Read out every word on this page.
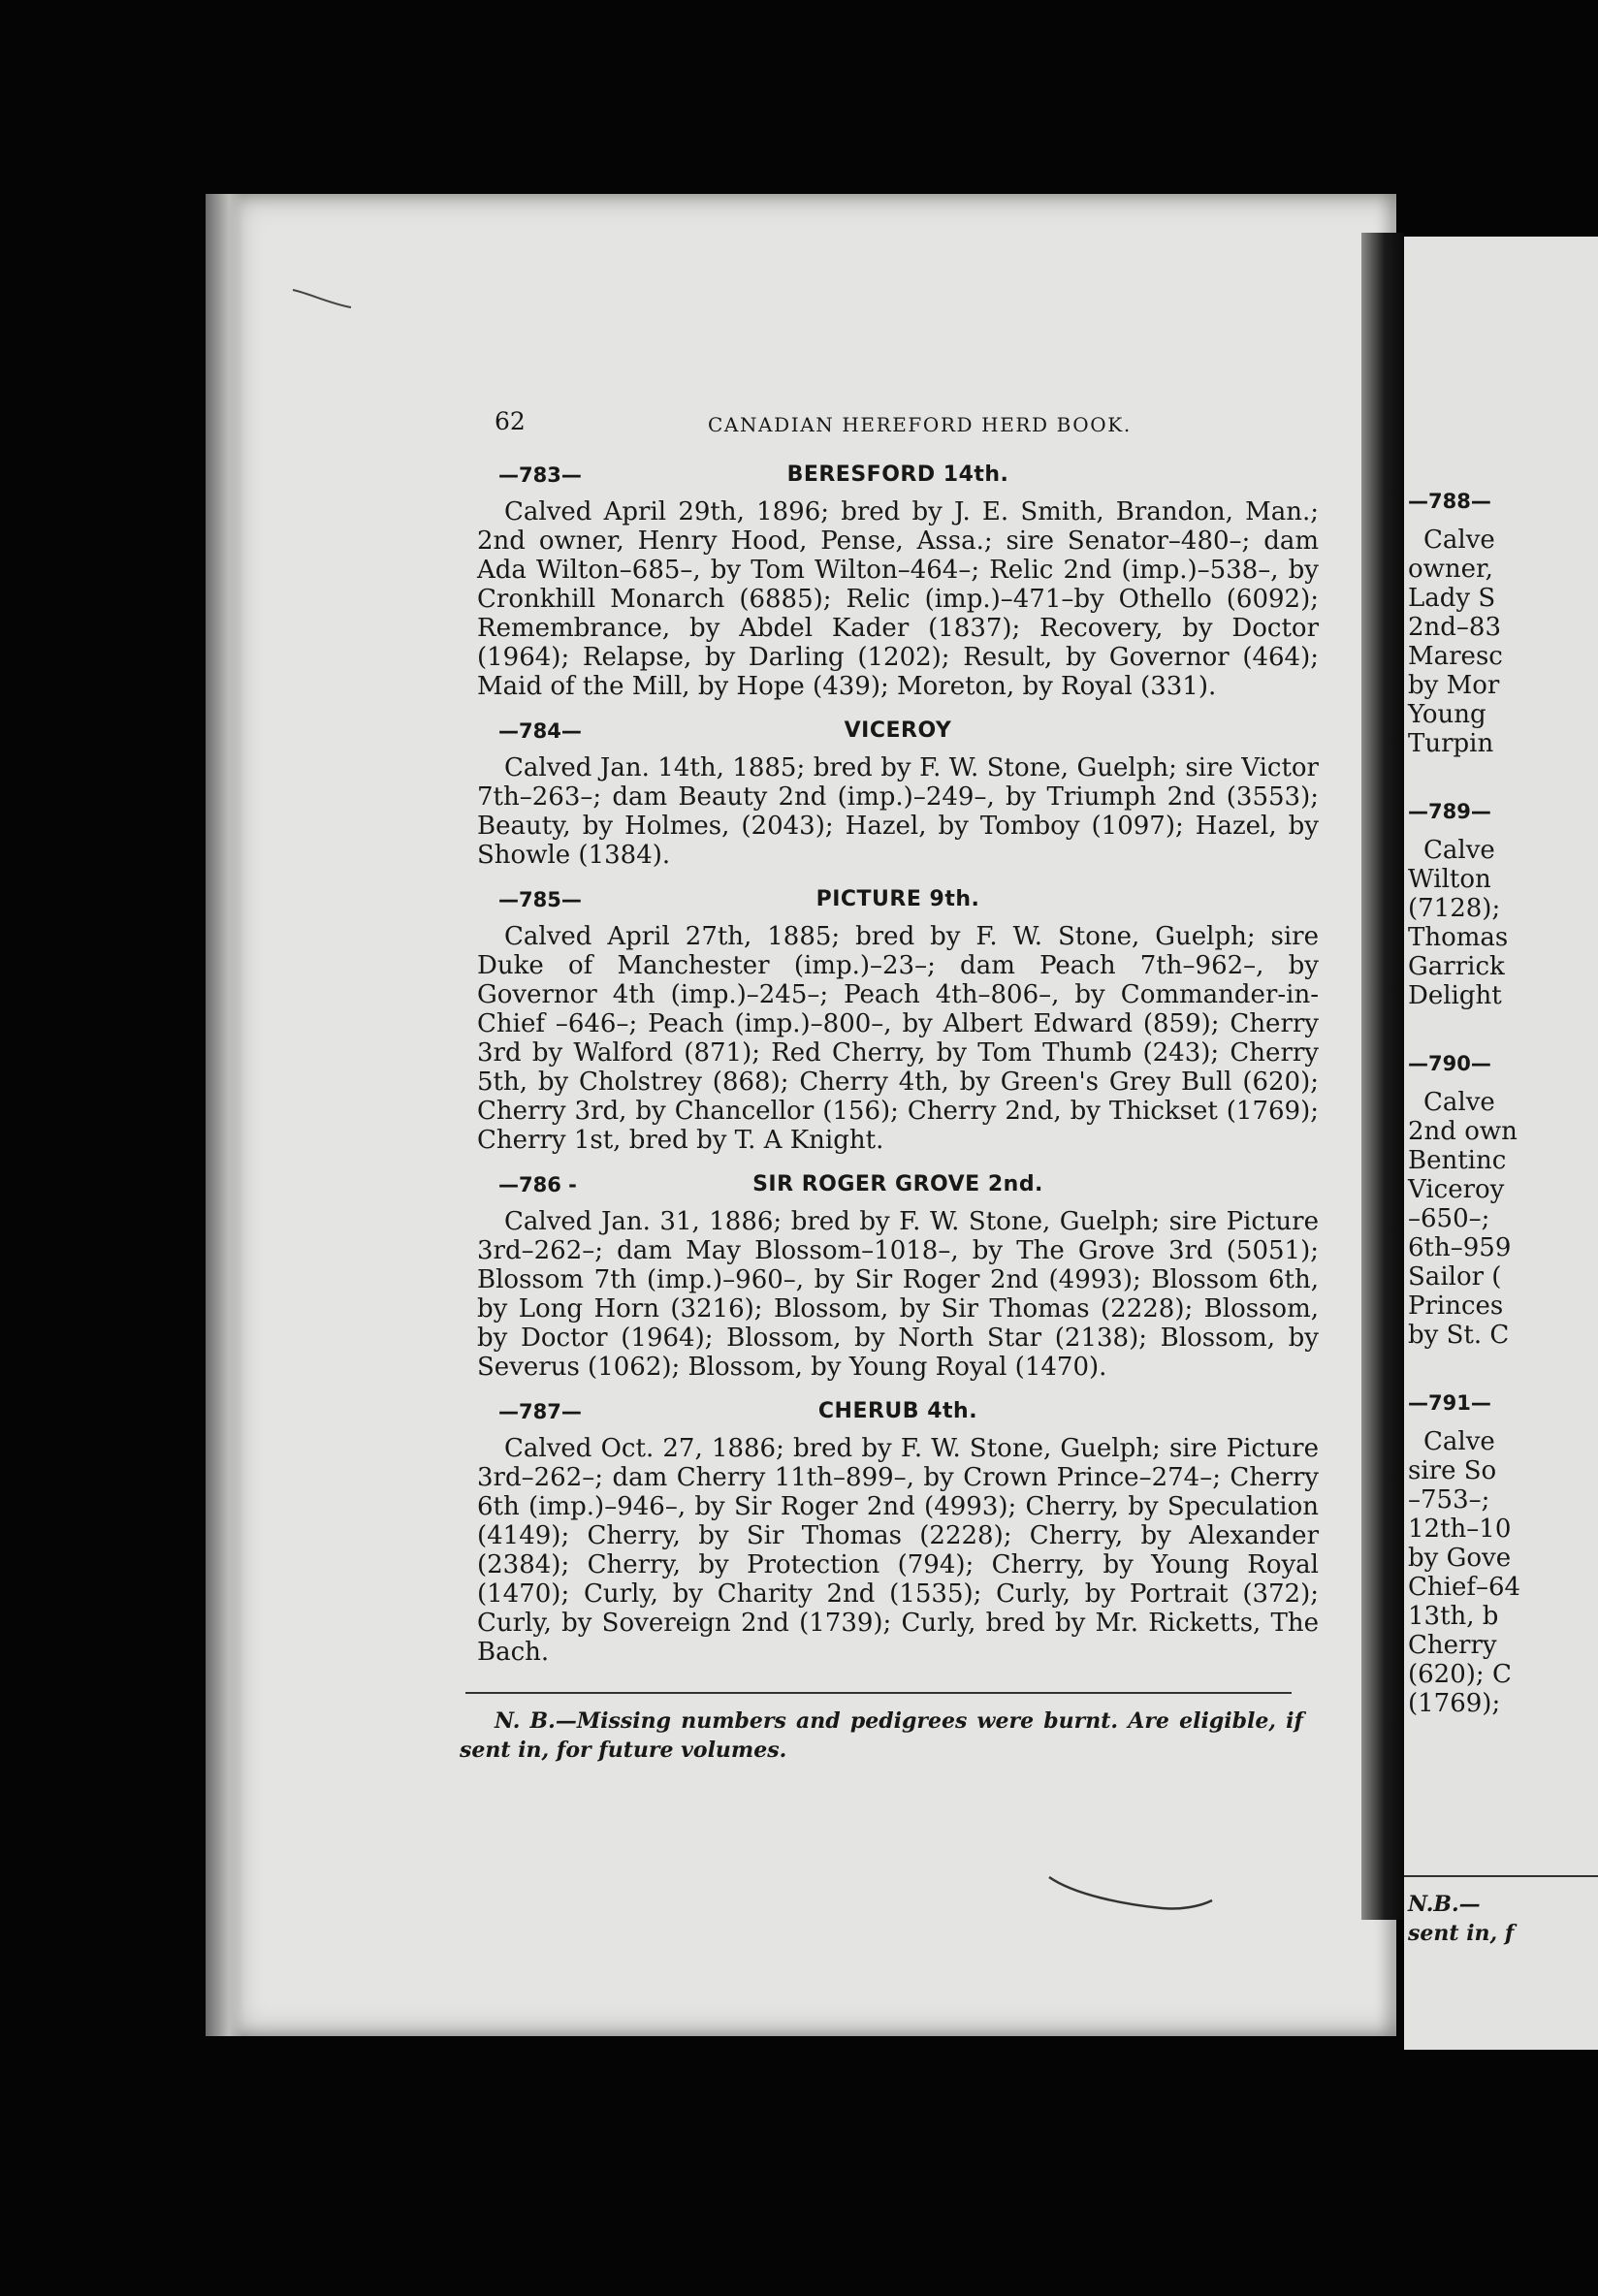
62	CANADIAN HEREFORD HERD BOOK.
—783—	BERESFORD 14th.

Calved April 29th, 1896; bred by J. E. Smith, Brandon, Man.; 2nd owner, Henry Hood, Pense, Assa.; sire Senator–480–; dam Ada Wilton–685–, by Tom Wilton–464–; Relic 2nd (imp.)–538–, by Cronkhill Monarch (6885); Relic (imp.)–471–by Othello (6092); Remembrance, by Abdel Kader (1837); Recovery, by Doctor (1964); Relapse, by Darling (1202); Result, by Governor (464); Maid of the Mill, by Hope (439); Moreton, by Royal (331).

—784—	VICEROY

Calved Jan. 14th, 1885; bred by F. W. Stone, Guelph; sire Victor 7th–263–; dam Beauty 2nd (imp.)–249–, by Triumph 2nd (3553); Beauty, by Holmes, (2043); Hazel, by Tomboy (1097); Hazel, by Showle (1384).

—785—	PICTURE 9th.

Calved April 27th, 1885; bred by F. W. Stone, Guelph; sire Duke of Manchester (imp.)–23–; dam Peach 7th–962–, by Governor 4th (imp.)–245–; Peach 4th–806–, by Commander-in-Chief –646–; Peach (imp.)–800–, by Albert Edward (859); Cherry 3rd by Walford (871); Red Cherry, by Tom Thumb (243); Cherry 5th, by Cholstrey (868); Cherry 4th, by Green's Grey Bull (620); Cherry 3rd, by Chancellor (156); Cherry 2nd, by Thickset (1769); Cherry 1st, bred by T. A Knight.

—786 -	SIR ROGER GROVE 2nd.

Calved Jan. 31, 1886; bred by F. W. Stone, Guelph; sire Picture 3rd–262–; dam May Blossom–1018–, by The Grove 3rd (5051); Blossom 7th (imp.)–960–, by Sir Roger 2nd (4993); Blossom 6th, by Long Horn (3216); Blossom, by Sir Thomas (2228); Blossom, by Doctor (1964); Blossom, by North Star (2138); Blossom, by Severus (1062); Blossom, by Young Royal (1470).

—787—	CHERUB 4th.

Calved Oct. 27, 1886; bred by F. W. Stone, Guelph; sire Picture 3rd–262–; dam Cherry 11th–899–, by Crown Prince–274–; Cherry 6th (imp.)–946–, by Sir Roger 2nd (4993); Cherry, by Speculation (4149); Cherry, by Sir Thomas (2228); Cherry, by Alexander (2384); Cherry, by Protection (794); Cherry, by Young Royal (1470); Curly, by Charity 2nd (1535); Curly, by Portrait (372); Curly, by Sovereign 2nd (1739); Curly, bred by Mr. Ricketts, The Bach.

N. B.—Missing numbers and pedigrees were burnt. Are eligible, if sent in, for future volumes.
N.B.—
sent in, f
—788—
Calve
owner,
Lady S
2nd–83
Maresc
by Mor
Young
Turpin
—789—
Calve
Wilton
(7128);
Thomas
Garrick
Delight
—790—
Calve
2nd own
Bentinc
Viceroy
–650–;
6th–959
Sailor (
Princes
by St. C
—791—
Calve
sire So
–753–;
12th–10
by Gove
Chief–64
13th, b
Cherry
(620); C
(1769);
